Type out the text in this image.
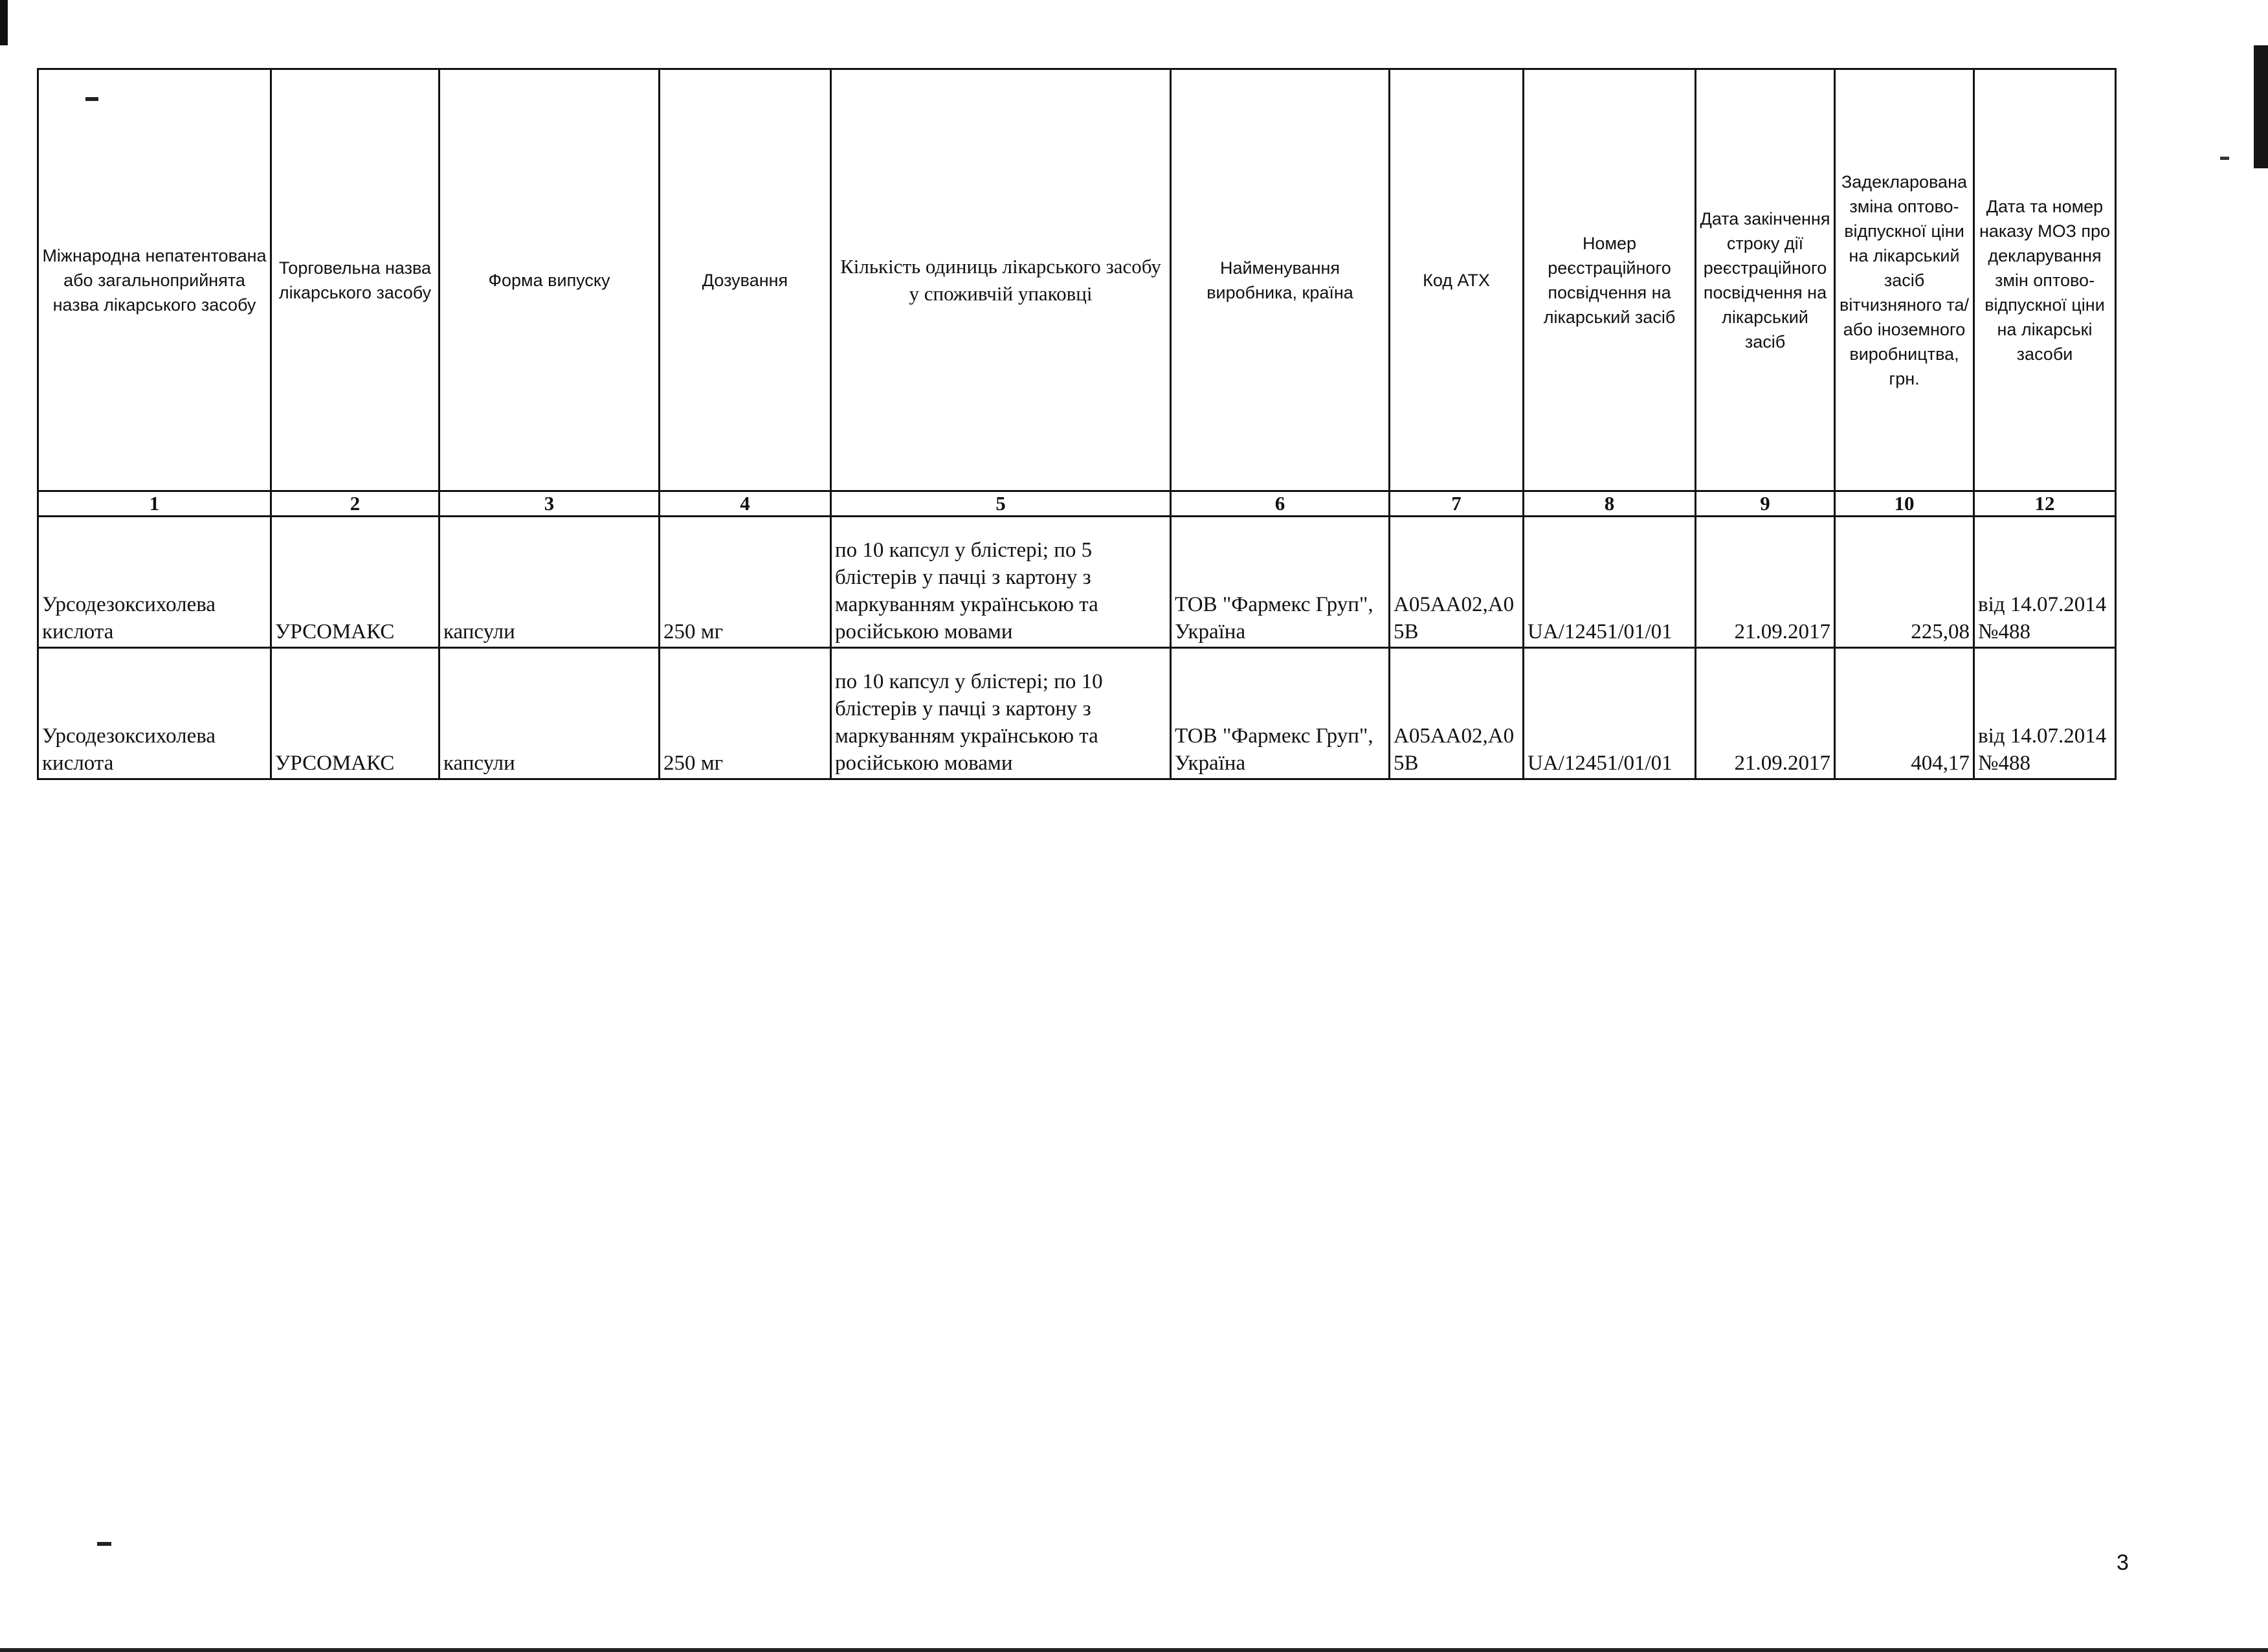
Міжнародна непатентована або загальноприйнята назва лікарського засобу	Торговельна назва лікарського засобу	Форма випуску	Дозування	Кількість одиниць лікарського засобу у споживчій упаковці	Найменування виробника, країна	Код АТХ	Номер реєстраційного посвідчення на лікарський засіб	Дата закінчення строку дії реєстраційного посвідчення на лікарський засіб	Задекларована зміна оптово-відпускної ціни на лікарський засіб вітчизняного та/або іноземного виробництва, грн.	Дата та номер наказу МОЗ про декларування змін оптово-відпускної ціни на лікарські засоби
1	2	3	4	5	6	7	8	9	10	12
Урсодезоксихолева кислота	УРСОМАКС	капсули	250 мг	по 10 капсул у блістері; по 5 блістерів у пачці з картону з маркуванням українською та російською мовами	ТОВ "Фармекс Груп", Україна	A05AA02,A05B	UA/12451/01/01	21.09.2017	225,08	від 14.07.2014 №488
Урсодезоксихолева кислота	УРСОМАКС	капсули	250 мг	по 10 капсул у блістері; по 10 блістерів у пачці з картону з маркуванням українською та російською мовами	ТОВ "Фармекс Груп", Україна	A05AA02,A05B	UA/12451/01/01	21.09.2017	404,17	від 14.07.2014 №488
3
